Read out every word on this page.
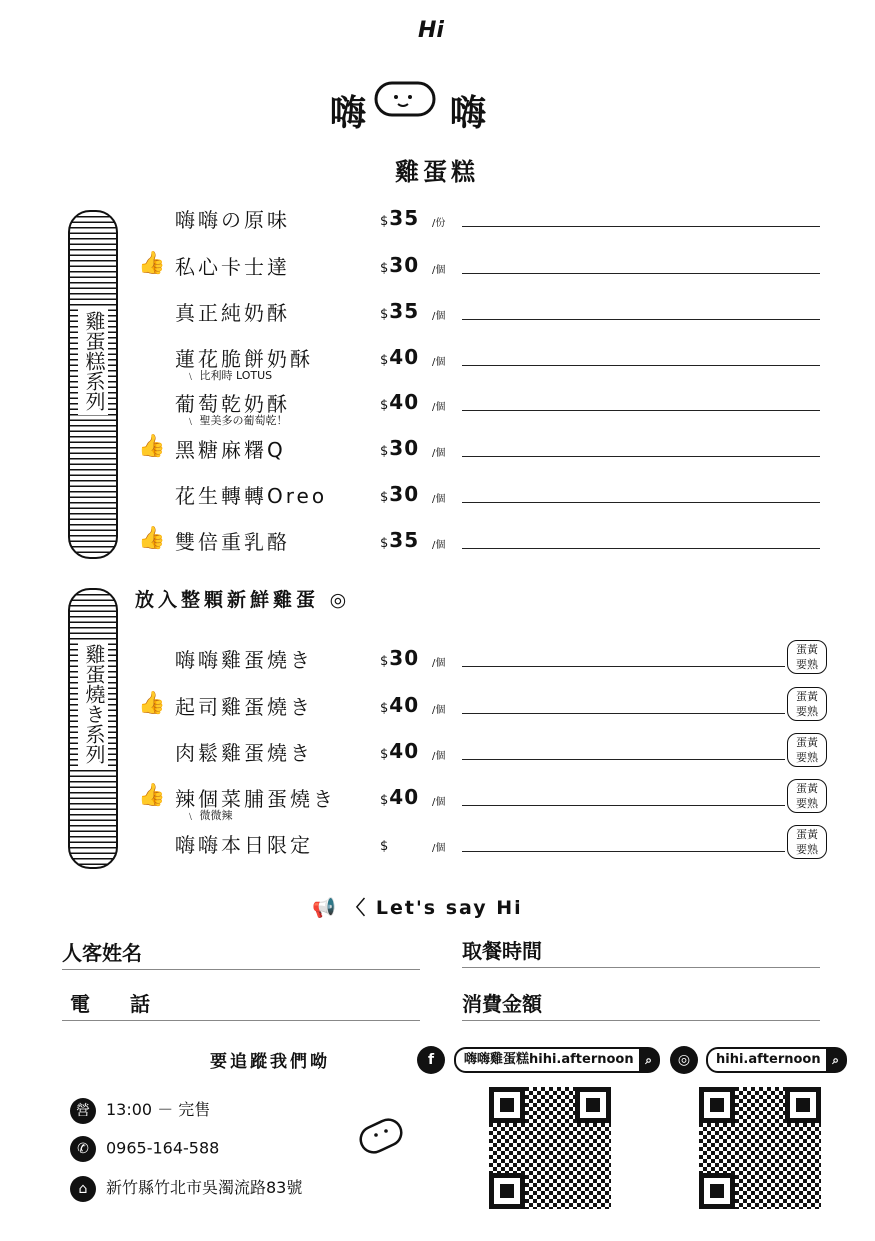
Hi
嗨 嗨
雞蛋糕
雞蛋糕系列
雞蛋燒き系列
嗨嗨の原味	$35 /份
👍 私心卡士達	$30 /個
真正純奶酥	$35 /個
蓮花脆餅奶酥
﹨ 比利時 LOTUS
$40 /個
葡萄乾奶酥
﹨ 聖美多の葡萄乾！
$40 /個
👍 黑糖麻糬Q	$30 /個
花生轉轉Oreo	$30 /個
👍 雙倍重乳酪	$35 /個
放入整顆新鮮雞蛋 ◎
嗨嗨雞蛋燒き	$30 /個
蛋黃
要熟
👍 起司雞蛋燒き	$40 /個
蛋黃
要熟
肉鬆雞蛋燒き	$40 /個
蛋黃
要熟
👍 辣個菜脯蛋燒き
﹨ 微微辣
$40 /個
蛋黃
要熟
嗨嗨本日限定	$	/個
蛋黃
要熟
📢 〈 Let's say Hi
人客姓名	取餐時間
電　　話	消費金額
要追蹤我們呦	f	嗨嗨雞蛋糕hihi.afternoon ⌕	◎	hihi.afternoon ⌕
營 13:00 － 完售
✆ 0965-164-588
⌂ 新竹縣竹北市吳濁流路83號
